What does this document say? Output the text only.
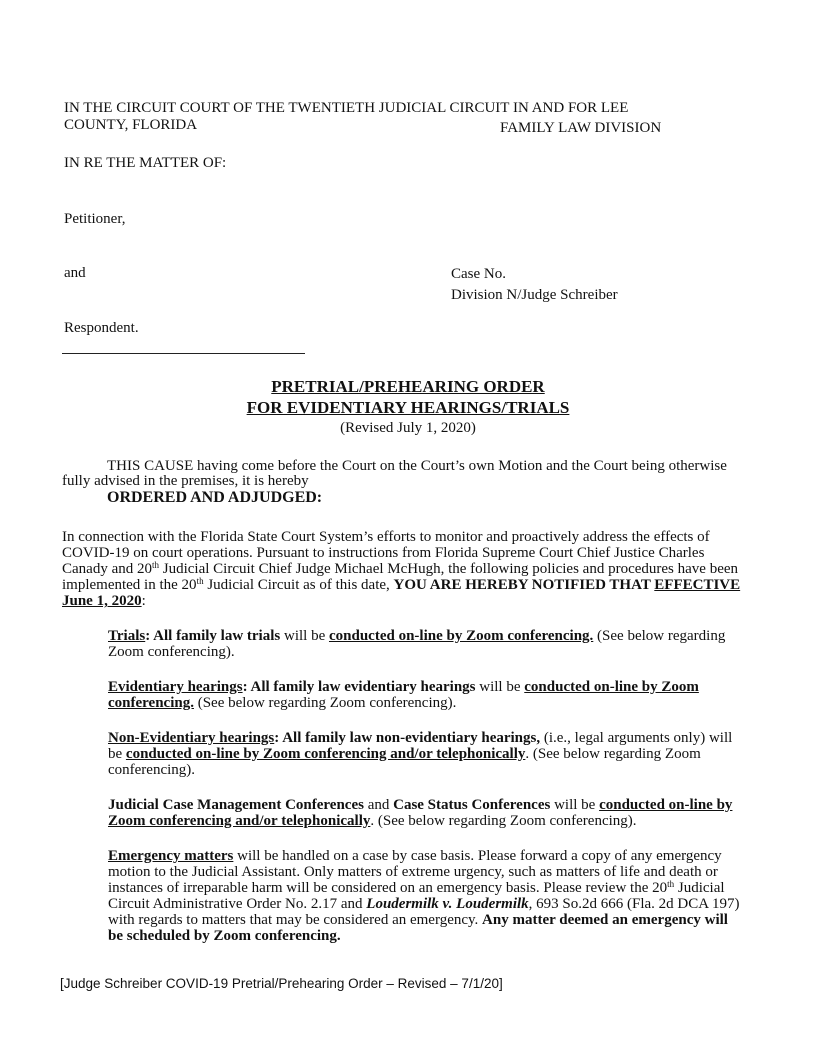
IN THE CIRCUIT COURT OF THE TWENTIETH JUDICIAL CIRCUIT IN AND FOR LEE
COUNTY, FLORIDA	FAMILY LAW DIVISION
IN RE THE MATTER OF:
Petitioner,
and	Case No.
Division N/Judge Schreiber
Respondent.
PRETRIAL/PREHEARING ORDER
FOR EVIDENTIARY HEARINGS/TRIALS
(Revised July 1, 2020)
THIS CAUSE having come before the Court on the Court’s own Motion and the Court being otherwise
fully advised in the premises, it is hereby
ORDERED AND ADJUDGED:
In connection with the Florida State Court System’s efforts to monitor and proactively address the effects of
COVID-19 on court operations. Pursuant to instructions from Florida Supreme Court Chief Justice Charles
Canady and 20th Judicial Circuit Chief Judge Michael McHugh, the following policies and procedures have been
implemented in the 20th Judicial Circuit as of this date, YOU ARE HEREBY NOTIFIED THAT EFFECTIVE
June 1, 2020:
Trials: All family law trials will be conducted on-line by Zoom conferencing. (See below regarding
Zoom conferencing).
Evidentiary hearings: All family law evidentiary hearings will be conducted on-line by Zoom
conferencing. (See below regarding Zoom conferencing).
Non-Evidentiary hearings: All family law non-evidentiary hearings, (i.e., legal arguments only) will
be conducted on-line by Zoom conferencing and/or telephonically. (See below regarding Zoom
conferencing).
Judicial Case Management Conferences and Case Status Conferences will be conducted on-line by
Zoom conferencing and/or telephonically. (See below regarding Zoom conferencing).
Emergency matters will be handled on a case by case basis. Please forward a copy of any emergency
motion to the Judicial Assistant. Only matters of extreme urgency, such as matters of life and death or
instances of irreparable harm will be considered on an emergency basis. Please review the 20th Judicial
Circuit Administrative Order No. 2.17 and Loudermilk v. Loudermilk, 693 So.2d 666 (Fla. 2d DCA 197)
with regards to matters that may be considered an emergency. Any matter deemed an emergency will
be scheduled by Zoom conferencing.
[Judge Schreiber COVID-19 Pretrial/Prehearing Order – Revised – 7/1/20]
